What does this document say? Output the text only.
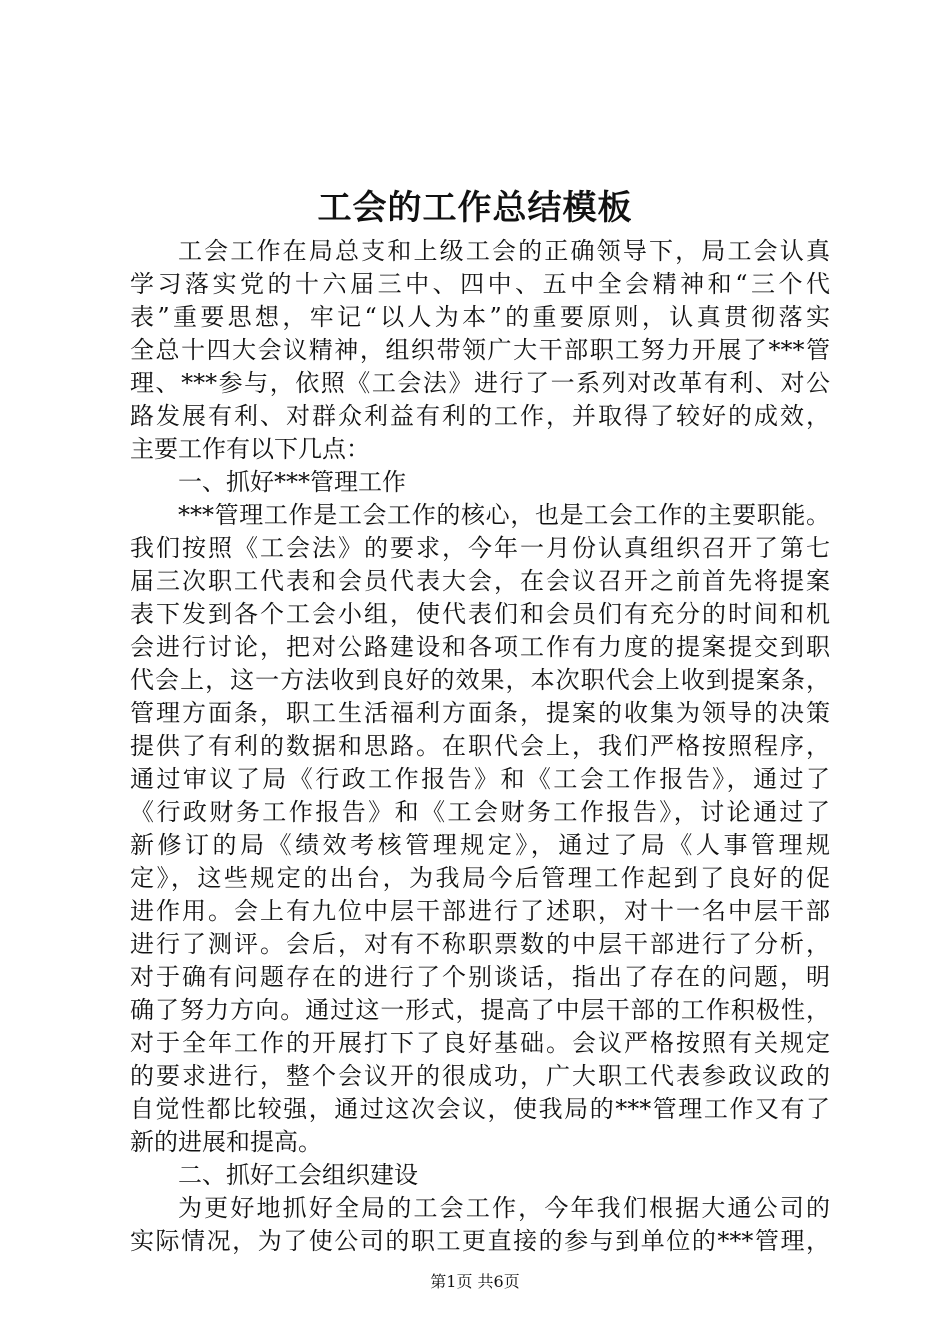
工会的工作总结模板
工会工作在局总支和上级工会的正确领导下，局工会认真
学习落实党的十六届三中、四中、五中全会精神和“三个代
表”重要思想，牢记“以人为本”的重要原则，认真贯彻落实
全总十四大会议精神，组织带领广大干部职工努力开展了***管
理、***参与，依照《工会法》进行了一系列对改革有利、对公
路发展有利、对群众利益有利的工作，并取得了较好的成效，
主要工作有以下几点：
一、抓好***管理工作
***管理工作是工会工作的核心，也是工会工作的主要职能。
我们按照《工会法》的要求，今年一月份认真组织召开了第七
届三次职工代表和会员代表大会，在会议召开之前首先将提案
表下发到各个工会小组，使代表们和会员们有充分的时间和机
会进行讨论，把对公路建设和各项工作有力度的提案提交到职
代会上，这一方法收到良好的效果，本次职代会上收到提案条，
管理方面条，职工生活福利方面条，提案的收集为领导的决策
提供了有利的数据和思路。在职代会上，我们严格按照程序，
通过审议了局《行政工作报告》和《工会工作报告》，通过了
《行政财务工作报告》和《工会财务工作报告》，讨论通过了
新修订的局《绩效考核管理规定》，通过了局《人事管理规
定》，这些规定的出台，为我局今后管理工作起到了良好的促
进作用。会上有九位中层干部进行了述职，对十一名中层干部
进行了测评。会后，对有不称职票数的中层干部进行了分析，
对于确有问题存在的进行了个别谈话，指出了存在的问题，明
确了努力方向。通过这一形式，提高了中层干部的工作积极性，
对于全年工作的开展打下了良好基础。会议严格按照有关规定
的要求进行，整个会议开的很成功，广大职工代表参政议政的
自觉性都比较强，通过这次会议，使我局的***管理工作又有了
新的进展和提高。
二、抓好工会组织建设
为更好地抓好全局的工会工作，今年我们根据大通公司的
实际情况，为了使公司的职工更直接的参与到单位的***管理，
第1页 共6页
